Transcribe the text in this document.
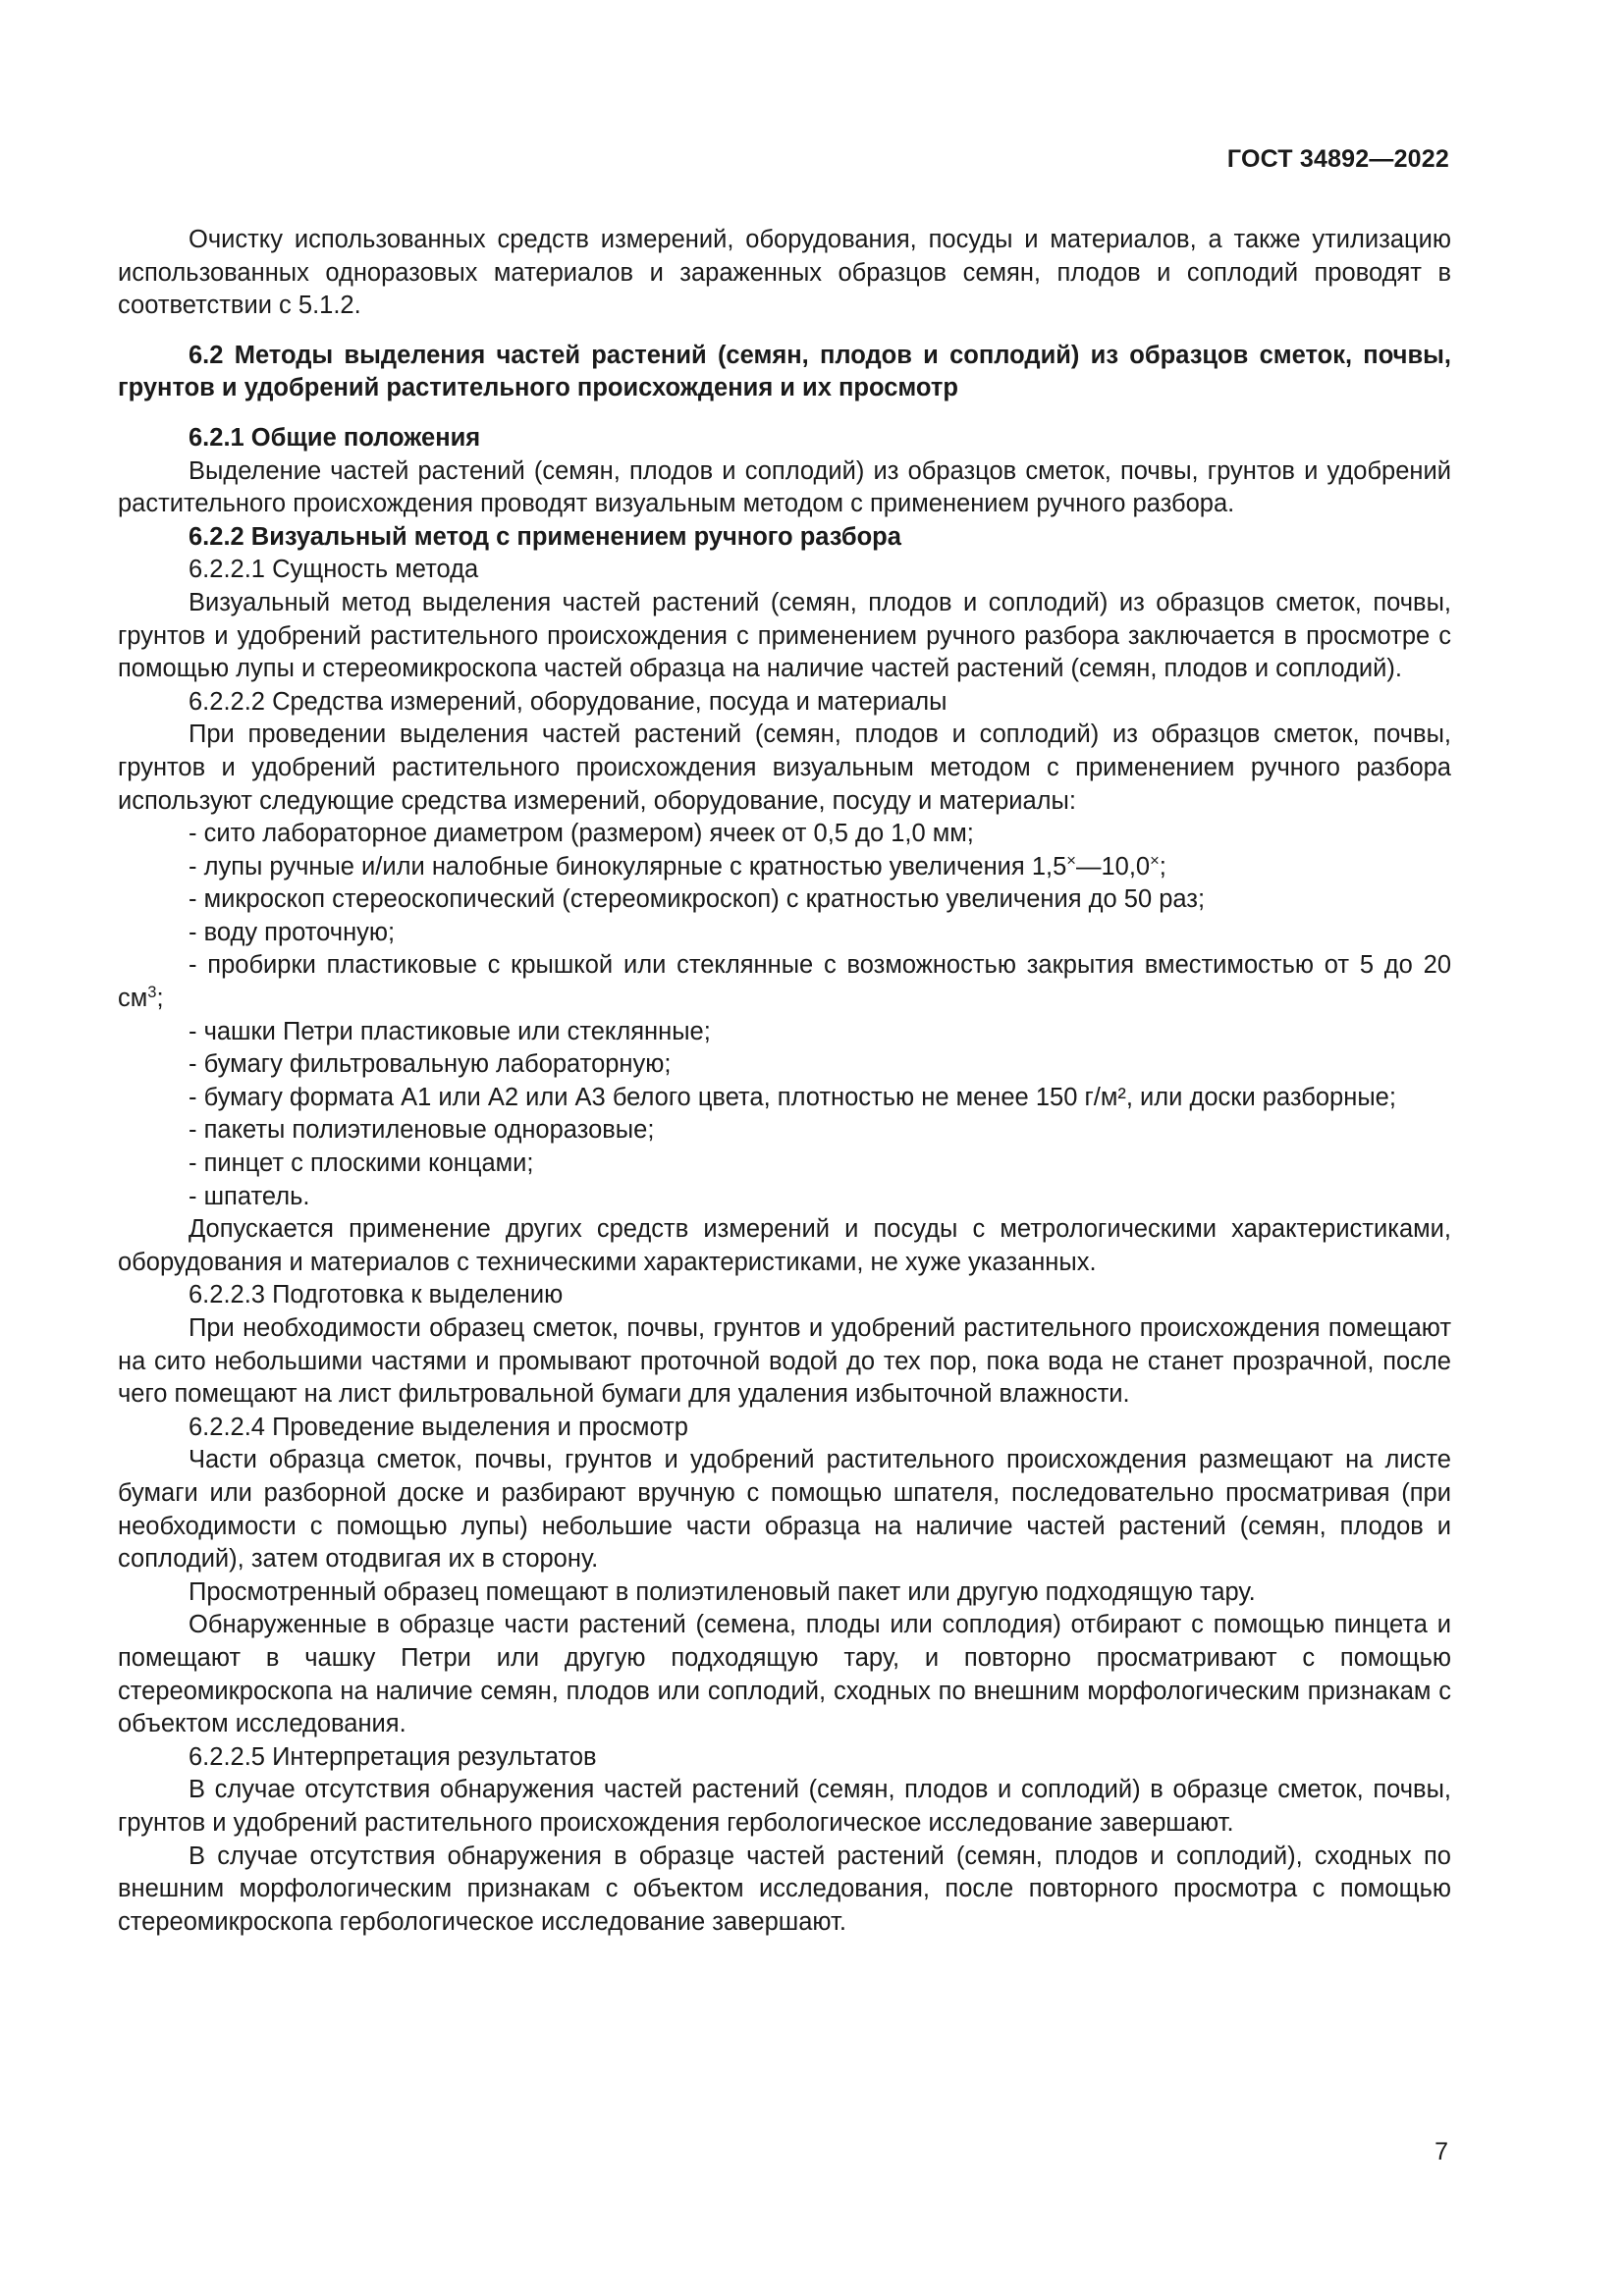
ГОСТ 34892—2022

Очистку использованных средств измерений, оборудования, посуды и материалов, а также утилизацию использованных одноразовых материалов и зараженных образцов семян, плодов и соплодий проводят в соответствии с 5.1.2.

6.2 Методы выделения частей растений (семян, плодов и соплодий) из образцов сметок, почвы, грунтов и удобрений растительного происхождения и их просмотр

6.2.1 Общие положения

Выделение частей растений (семян, плодов и соплодий) из образцов сметок, почвы, грунтов и удобрений растительного происхождения проводят визуальным методом с применением ручного разбора.

6.2.2 Визуальный метод с применением ручного разбора

6.2.2.1 Сущность метода

Визуальный метод выделения частей растений (семян, плодов и соплодий) из образцов сметок, почвы, грунтов и удобрений растительного происхождения с применением ручного разбора заключается в просмотре с помощью лупы и стереомикроскопа частей образца на наличие частей растений (семян, плодов и соплодий).

6.2.2.2 Средства измерений, оборудование, посуда и материалы

При проведении выделения частей растений (семян, плодов и соплодий) из образцов сметок, почвы, грунтов и удобрений растительного происхождения визуальным методом с применением ручного разбора используют следующие средства измерений, оборудование, посуду и материалы:

- сито лабораторное диаметром (размером) ячеек от 0,5 до 1,0 мм;

- лупы ручные и/или налобные бинокулярные с кратностью увеличения 1,5×—10,0×;

- микроскоп стереоскопический (стереомикроскоп) с кратностью увеличения до 50 раз;

- воду проточную;

- пробирки пластиковые с крышкой или стеклянные с возможностью закрытия вместимостью от 5 до 20 $см^3$;

- чашки Петри пластиковые или стеклянные;

- бумагу фильтровальную лабораторную;

- бумагу формата А1 или А2 или А3 белого цвета, плотностью не менее 150 г/м², или доски разборные;

- пакеты полиэтиленовые одноразовые;

- пинцет с плоскими концами;

- шпатель.

Допускается применение других средств измерений и посуды с метрологическими характеристиками, оборудования и материалов с техническими характеристиками, не хуже указанных.

6.2.2.3 Подготовка к выделению

При необходимости образец сметок, почвы, грунтов и удобрений растительного происхождения помещают на сито небольшими частями и промывают проточной водой до тех пор, пока вода не станет прозрачной, после чего помещают на лист фильтровальной бумаги для удаления избыточной влажности.

6.2.2.4 Проведение выделения и просмотр

Части образца сметок, почвы, грунтов и удобрений растительного происхождения размещают на листе бумаги или разборной доске и разбирают вручную с помощью шпателя, последовательно просматривая (при необходимости с помощью лупы) небольшие части образца на наличие частей растений (семян, плодов и соплодий), затем отодвигая их в сторону.

Просмотренный образец помещают в полиэтиленовый пакет или другую подходящую тару.

Обнаруженные в образце части растений (семена, плоды или соплодия) отбирают с помощью пинцета и помещают в чашку Петри или другую подходящую тару, и повторно просматривают с помощью стереомикроскопа на наличие семян, плодов или соплодий, сходных по внешним морфологическим признакам с объектом исследования.

6.2.2.5 Интерпретация результатов

В случае отсутствия обнаружения частей растений (семян, плодов и соплодий) в образце сметок, почвы, грунтов и удобрений растительного происхождения гербологическое исследование завершают.

В случае отсутствия обнаружения в образце частей растений (семян, плодов и соплодий), сходных по внешним морфологическим признакам с объектом исследования, после повторного просмотра с помощью стереомикроскопа гербологическое исследование завершают.

7
